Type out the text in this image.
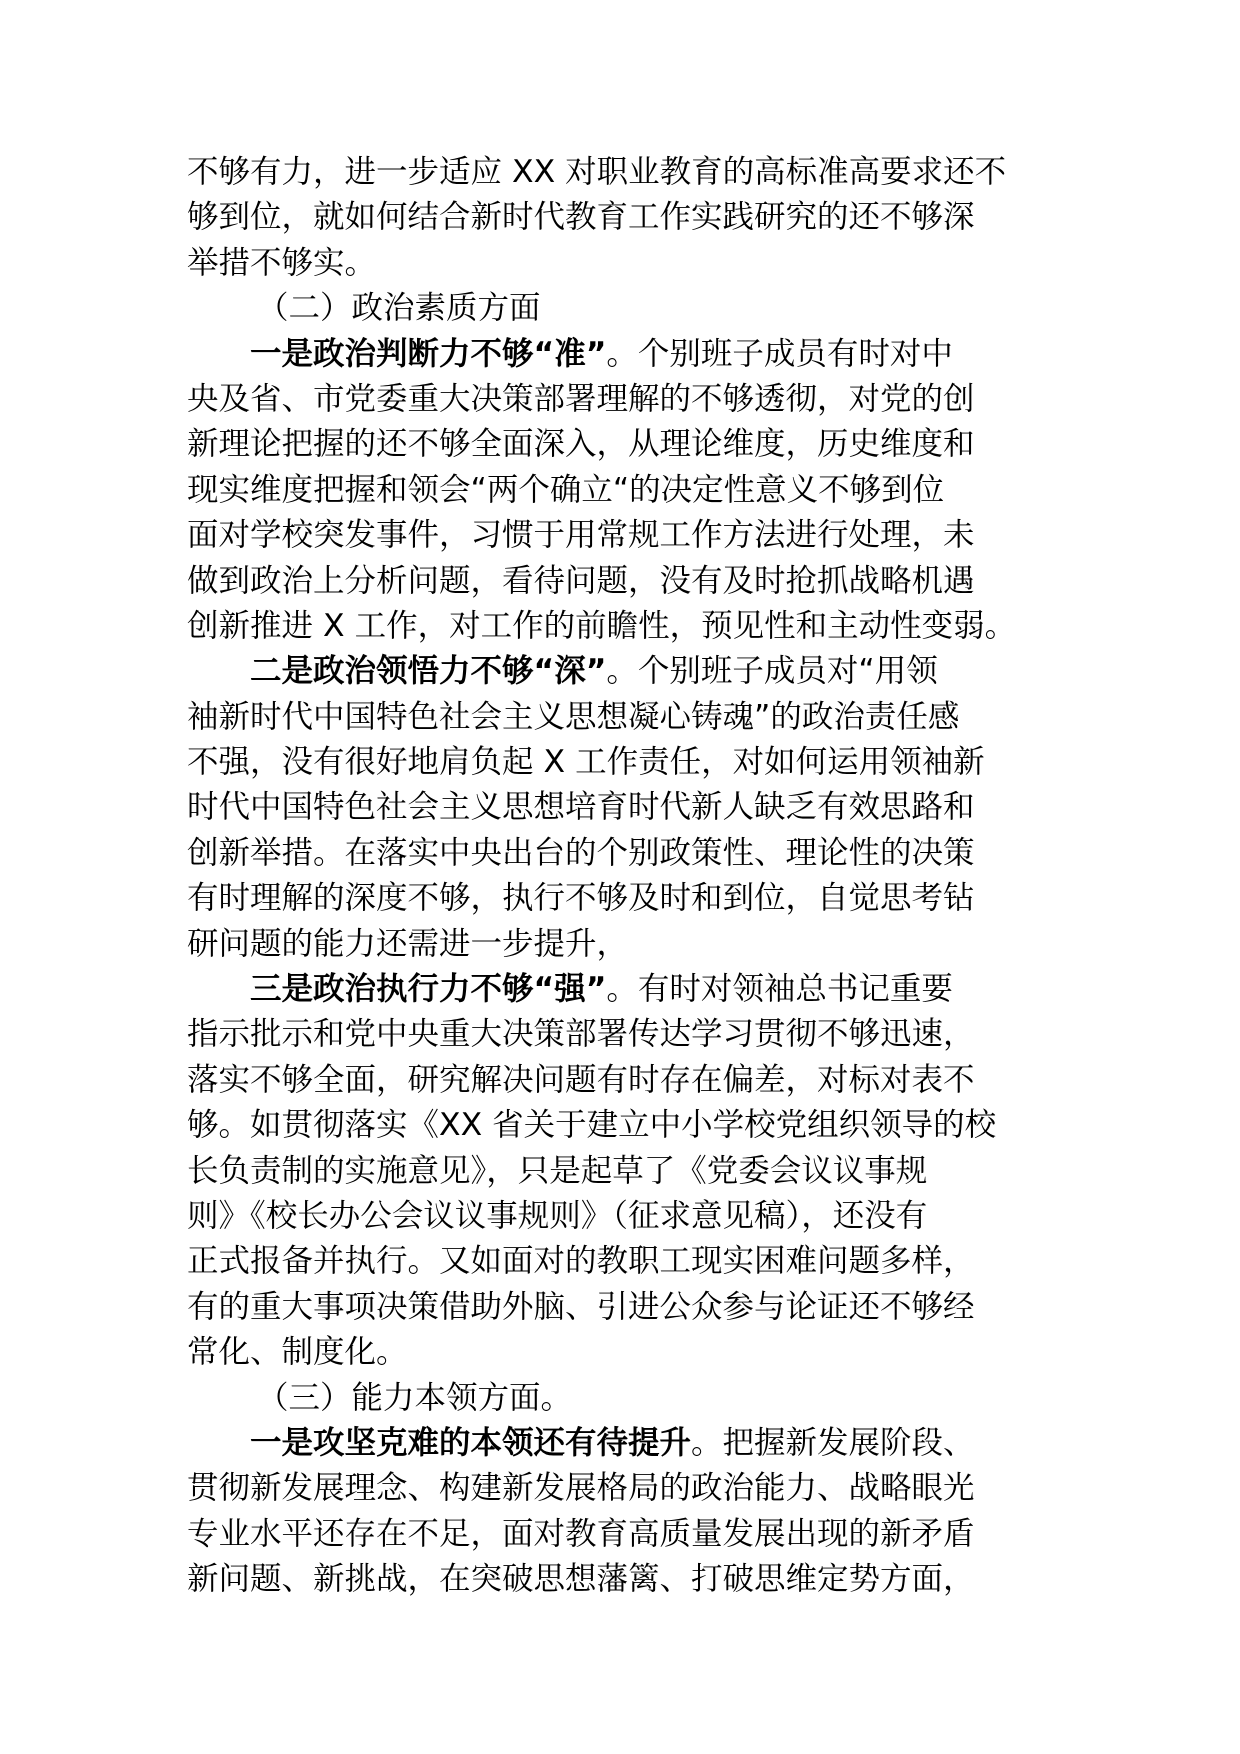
不够有力，进一步适应 XX 对职业教育的高标准高要求还不
够到位，就如何结合新时代教育工作实践研究的还不够深
举措不够实。
（二）政治素质方面
一是政治判断力不够“准”。个别班子成员有时对中
央及省、市党委重大决策部署理解的不够透彻，对党的创
新理论把握的还不够全面深入，从理论维度，历史维度和
现实维度把握和领会“两个确立“的决定性意义不够到位
面对学校突发事件，习惯于用常规工作方法进行处理，未
做到政治上分析问题，看待问题，没有及时抢抓战略机遇
创新推进 X 工作，对工作的前瞻性，预见性和主动性变弱。
二是政治领悟力不够“深”。个别班子成员对“用领
袖新时代中国特色社会主义思想凝心铸魂”的政治责任感
不强，没有很好地肩负起 X 工作责任，对如何运用领袖新
时代中国特色社会主义思想培育时代新人缺乏有效思路和
创新举措。在落实中央出台的个别政策性、理论性的决策
有时理解的深度不够，执行不够及时和到位，自觉思考钻
研问题的能力还需进一步提升，
三是政治执行力不够“强”。有时对领袖总书记重要
指示批示和党中央重大决策部署传达学习贯彻不够迅速，
落实不够全面，研究解决问题有时存在偏差，对标对表不
够。如贯彻落实《XX 省关于建立中小学校党组织领导的校
长负责制的实施意见》，只是起草了《党委会议议事规
则》《校长办公会议议事规则》（征求意见稿），还没有
正式报备并执行。又如面对的教职工现实困难问题多样，
有的重大事项决策借助外脑、引进公众参与论证还不够经
常化、制度化。
（三）能力本领方面。
一是攻坚克难的本领还有待提升。把握新发展阶段、
贯彻新发展理念、构建新发展格局的政治能力、战略眼光
专业水平还存在不足，面对教育高质量发展出现的新矛盾
新问题、新挑战，在突破思想藩篱、打破思维定势方面，
